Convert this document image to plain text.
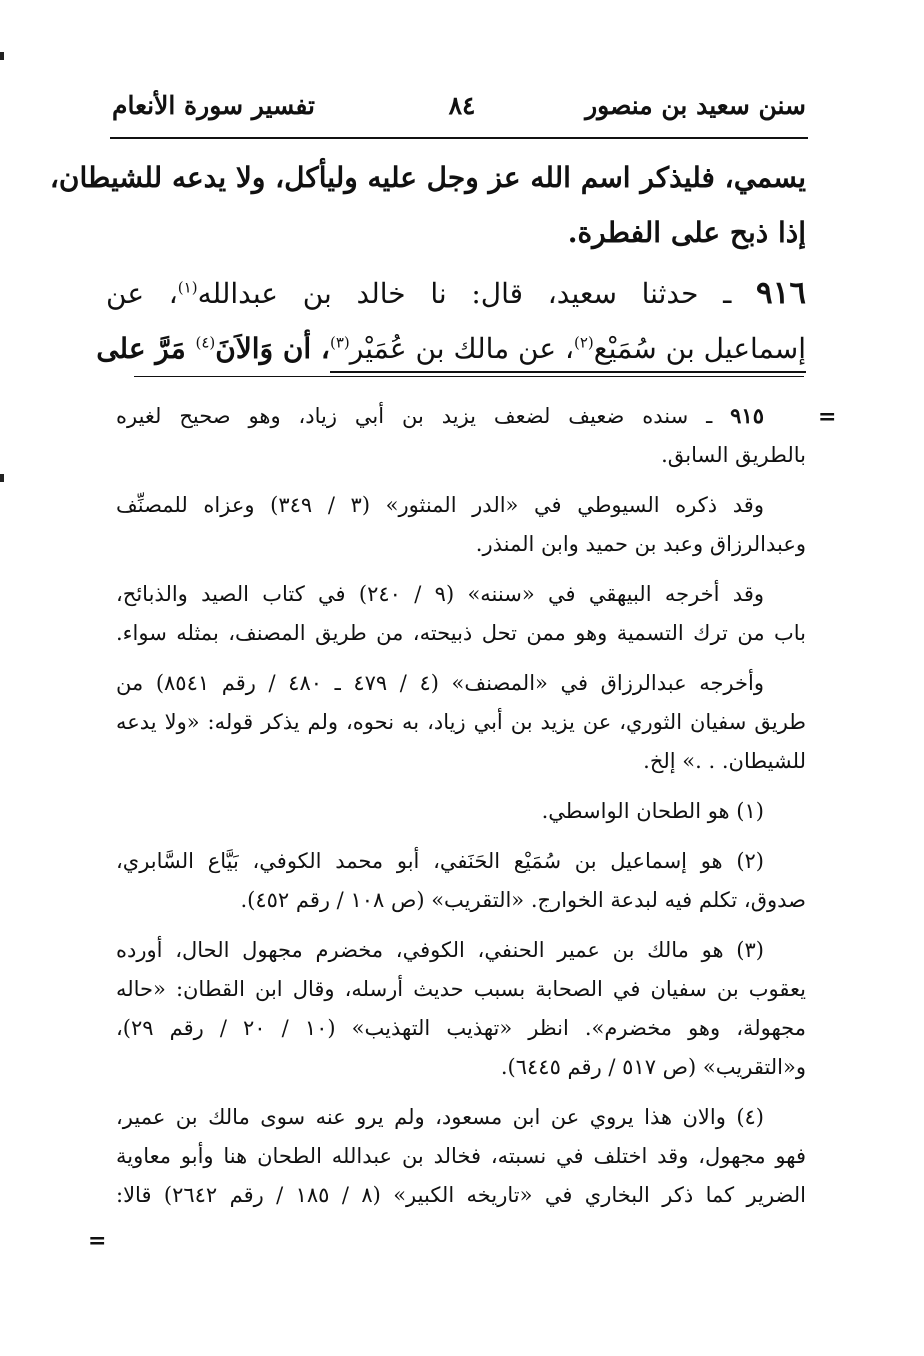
سنن سعيد بن منصور
٨٤
تفسير سورة الأنعام
يسمي، فليذكر اسم الله عز وجل عليه وليأكل، ولا يدعه للشيطان،
إذا ذبح على الفطرة.
٩١٦ ـ حدثنا سعيد، قال: نا خالد بن عبدالله$^{(١)}$، عن
إسماعيل بن سُمَيْع$^{(٢)}$، عن مالك بن عُمَيْر$^{(٣)}$، أن وَالاَنَ$^{(٤)}$ مَرَّ على
٩١٥ ـ سنده ضعيف لضعف يزيد بن أبي زياد، وهو صحيح لغيره
بالطريق السابق.
وقد ذكره السيوطي في «الدر المنثور» (٣ / ٣٤٩) وعزاه للمصنِّف
وعبدالرزاق وعبد بن حميد وابن المنذر.
وقد أخرجه البيهقي في «سننه» (٩ / ٢٤٠) في كتاب الصيد والذبائح،
باب من ترك التسمية وهو ممن تحل ذبيحته، من طريق المصنف، بمثله سواء.
وأخرجه عبدالرزاق في «المصنف» (٤ / ٤٧٩ ـ ٤٨٠ / رقم ٨٥٤١) من
طريق سفيان الثوري، عن يزيد بن أبي زياد، به نحوه، ولم يذكر قوله: «ولا يدعه
للشيطان. . .» إلخ.
(١) هو الطحان الواسطي.
(٢) هو إسماعيل بن سُمَيْع الحَنَفي، أبو محمد الكوفي، بَيَّاع السَّابري،
صدوق، تكلم فيه لبدعة الخوارج. «التقريب» (ص ١٠٨ / رقم ٤٥٢).
(٣) هو مالك بن عمير الحنفي، الكوفي، مخضرم مجهول الحال، أورده
يعقوب بن سفيان في الصحابة بسبب حديث أرسله، وقال ابن القطان: «حاله
مجهولة، وهو مخضرم». انظر «تهذيب التهذيب» (١٠ / ٢٠ / رقم ٢٩)،
و«التقريب» (ص ٥١٧ / رقم ٦٤٤٥).
(٤) والان هذا يروي عن ابن مسعود، ولم يرو عنه سوى مالك بن عمير،
فهو مجهول، وقد اختلف في نسبته، فخالد بن عبدالله الطحان هنا وأبو معاوية
الضرير كما ذكر البخاري في «تاريخه الكبير» (٨ / ١٨٥ / رقم ٢٦٤٢) قالا:
=
=
